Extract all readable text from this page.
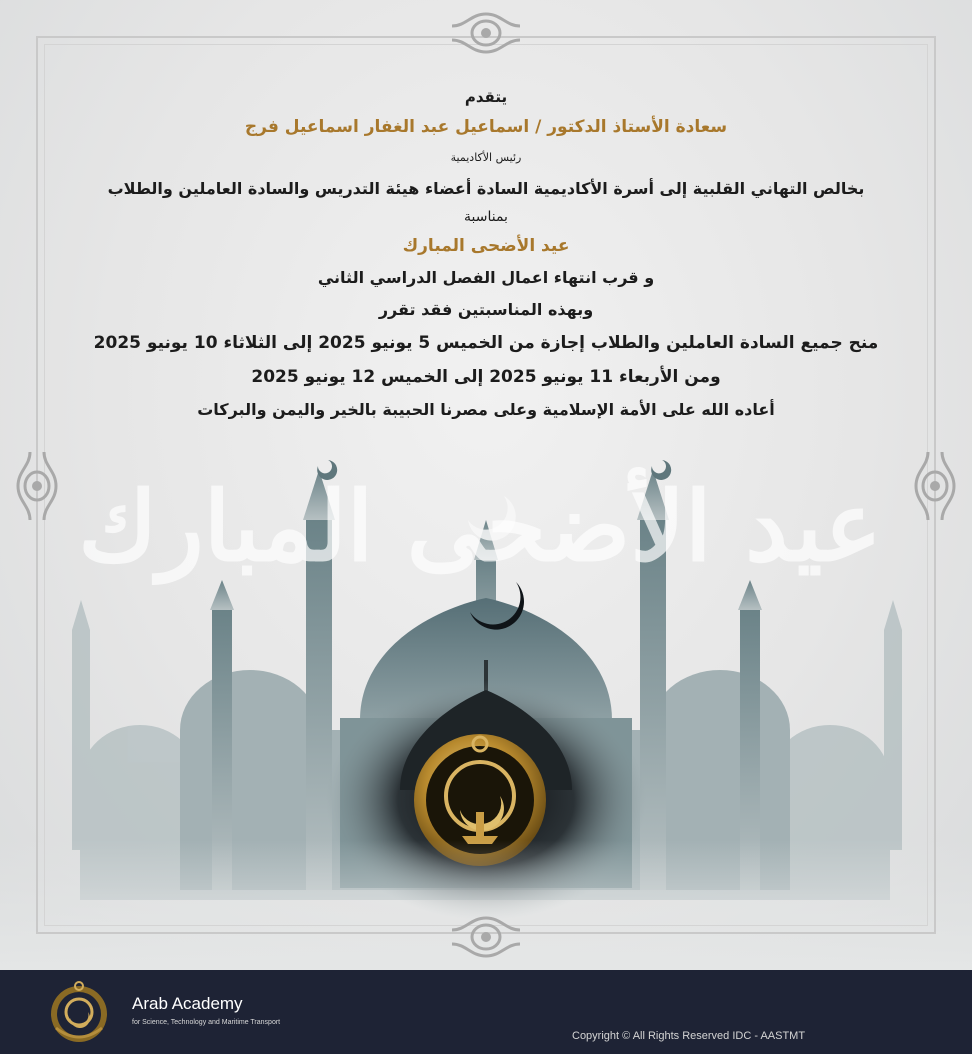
عيد الأضحى المبارك
يتقدم
سعادة الأستاذ الدكتور / اسماعيل عبد الغفار اسماعيل فرج
رئيس الأكاديمية
بخالص التهاني القلبية إلى أسرة الأكاديمية السادة أعضاء هيئة التدريس والسادة العاملين والطلاب
بمناسبة
عيد الأضحى المبارك
و قرب انتهاء اعمال الفصل الدراسي الثاني
وبهذه المناسبتين فقد تقرر
منح جميع السادة العاملين والطلاب إجازة من الخميس 5 يونيو 2025 إلى الثلاثاء 10 يونيو 2025
ومن الأربعاء 11 يونيو 2025 إلى الخميس 12 يونيو 2025
أعاده الله على الأمة الإسلامية وعلى مصرنا الحبيبة بالخير واليمن والبركات
Arab Academy
for Science, Technology and Maritime Transport
Copyright © All Rights Reserved IDC - AASTMT
